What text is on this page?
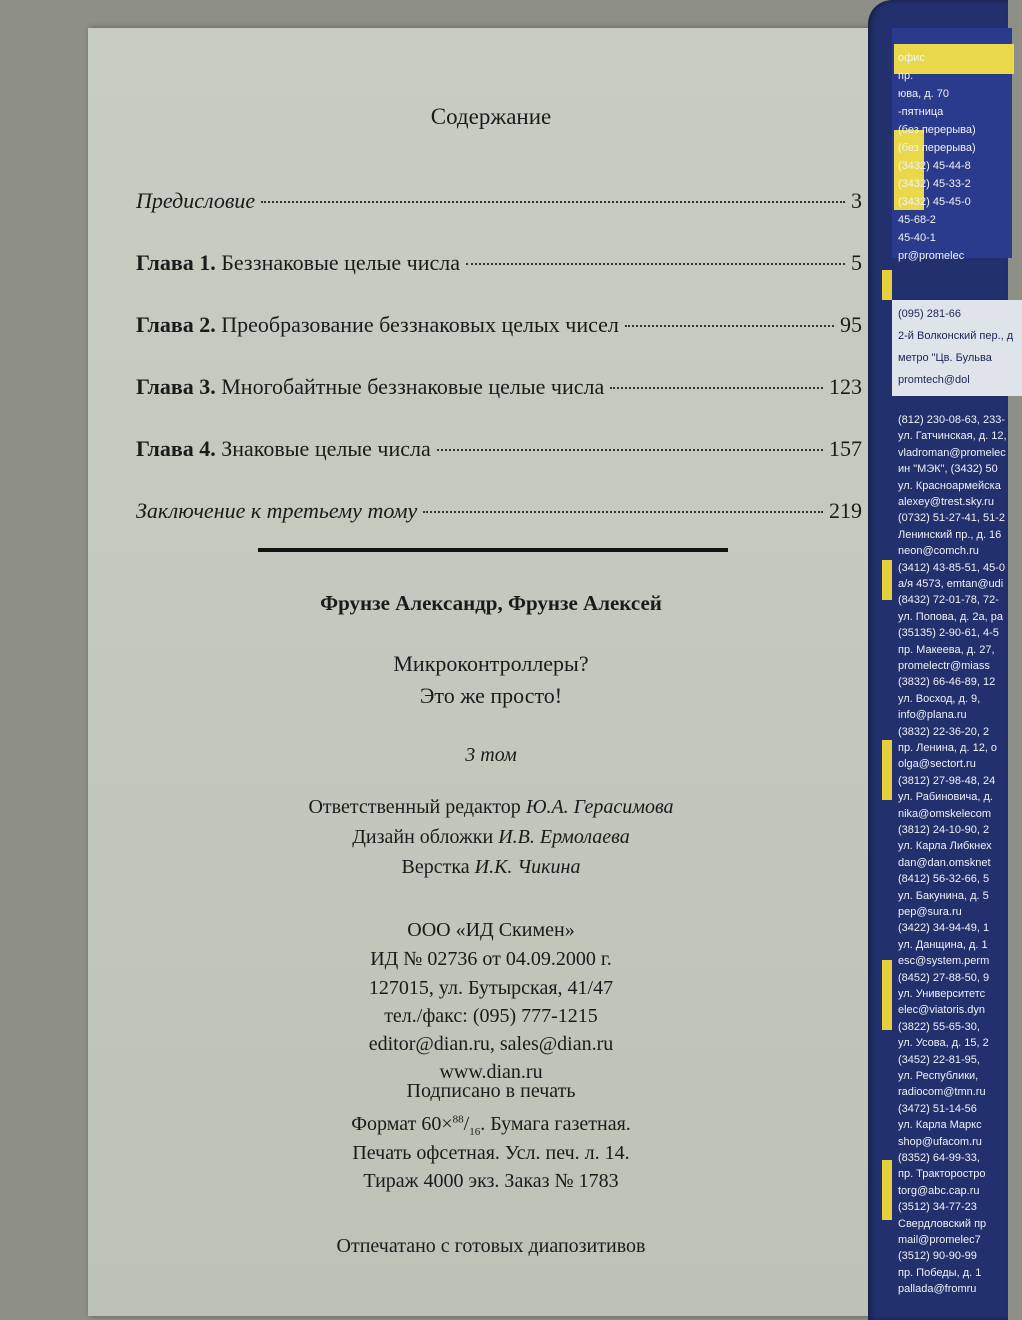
Содержание
Предисловие	3
Глава 1. Беззнаковые целые числа	5
Глава 2. Преобразование беззнаковых целых чисел	95
Глава 3. Многобайтные беззнаковые целые числа	123
Глава 4. Знаковые целые числа	157
Заключение к третьему тому	219
Фрунзе Александр, Фрунзе Алексей
Микроконтроллеры?
Это же просто!
3 том
Ответственный редактор Ю.А. Герасимова
Дизайн обложки И.В. Ермолаева
Верстка И.К. Чикина
ООО «ИД Скимен»
ИД № 02736 от 04.09.2000 г.
127015, ул. Бутырская, 41/47
тел./факс: (095) 777-1215
editor@dian.ru, sales@dian.ru
www.dian.ru
Подписано в печать
Формат $60\times^{88}/_{16}$. Бумага газетная.
Печать офсетная. Усл. печ. л. 14.
Тираж 4000 экз. Заказ № 1783
Отпечатано с готовых диапозитивов
офис
пр.
юва, д. 70
-пятница
(без перерыва)
(без перерыва)
(3432) 45-44-8
(3432) 45-33-2
(3432) 45-45-0
45-68-2
45-40-1
pr@promelec
(095) 281-66
2-й Волконский пер., д
метро "Цв. Бульва
promtech@dol
(812) 230-08-63, 233-
ул. Гатчинская, д. 12,
vladroman@promelec
ин "МЭК", (3432) 50
ул. Красноармейска
alexey@trest.sky.ru
(0732) 51-27-41, 51-2
Ленинский пр., д. 16
neon@comch.ru
(3412) 43-85-51, 45-0
а/я 4573, emtan@udi
(8432) 72-01-78, 72-
ул. Попова, д. 2а, ра
(35135) 2-90-61, 4-5
пр. Макеева, д. 27,
promelectr@miass
(3832) 66-46-89, 12
ул. Восход, д. 9,
info@plana.ru
(3832) 22-36-20, 2
пр. Ленина, д. 12, о
olga@sectort.ru
(3812) 27-98-48, 24
ул. Рабиновича, д.
nika@omskelecom
(3812) 24-10-90, 2
ул. Карла Либкнех
dan@dan.omsknet
(8412) 56-32-66, 5
ул. Бакунина, д. 5
pep@sura.ru
(3422) 34-94-49, 1
ул. Данщина, д. 1
esc@system.perm
(8452) 27-88-50, 9
ул. Университетс
elec@viatoris.dyn
(3822) 55-65-30,
ул. Усова, д. 15, 2
(3452) 22-81-95,
ул. Республики,
radiocom@tmn.ru
(3472) 51-14-56
ул. Карла Маркс
shop@ufacom.ru
(8352) 64-99-33,
пр. Тракторостро
torg@abc.cap.ru
(3512) 34-77-23
Свердловский пр
mail@promelec7
(3512) 90-90-99
пр. Победы, д. 1
pallada@fromru
